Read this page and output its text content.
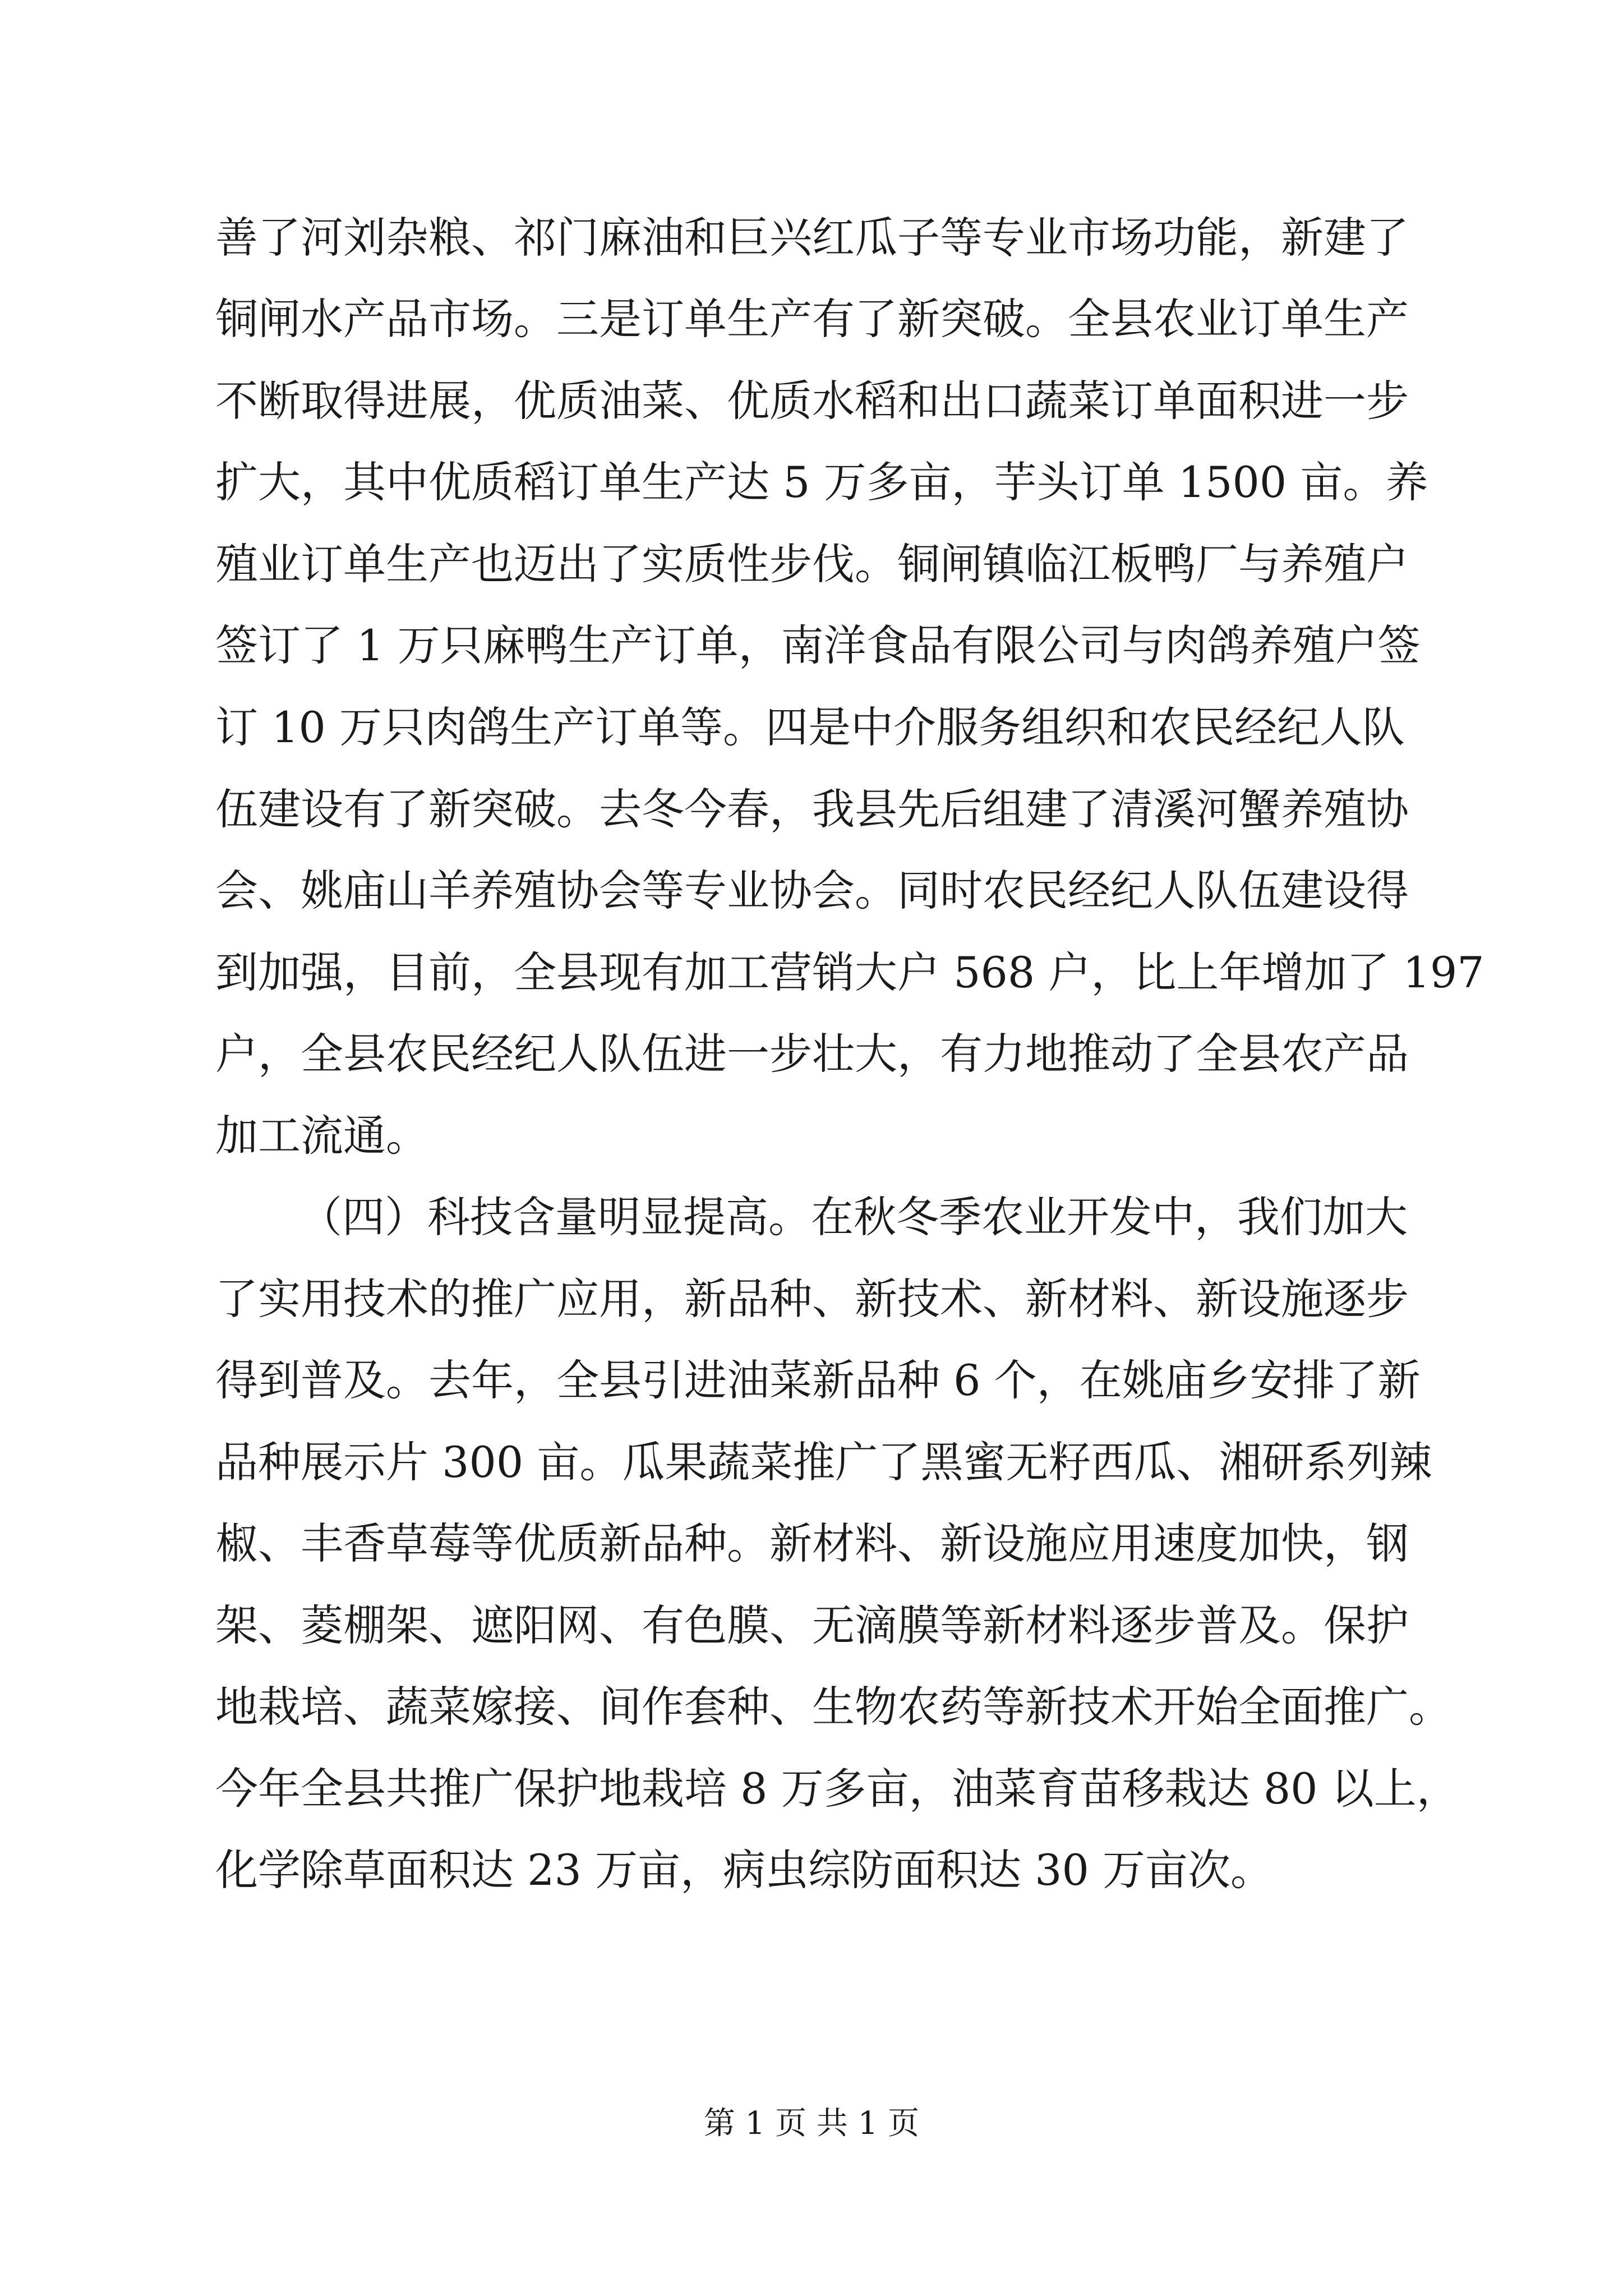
善了河刘杂粮、祁门麻油和巨兴红瓜子等专业市场功能，新建了
铜闸水产品市场。三是订单生产有了新突破。全县农业订单生产
不断取得进展，优质油菜、优质水稻和出口蔬菜订单面积进一步
扩大，其中优质稻订单生产达 5 万多亩，芋头订单 1500 亩。养
殖业订单生产也迈出了实质性步伐。铜闸镇临江板鸭厂与养殖户
签订了 1 万只麻鸭生产订单，南洋食品有限公司与肉鸽养殖户签
订 10 万只肉鸽生产订单等。四是中介服务组织和农民经纪人队
伍建设有了新突破。去冬今春，我县先后组建了清溪河蟹养殖协
会、姚庙山羊养殖协会等专业协会。同时农民经纪人队伍建设得
到加强，目前，全县现有加工营销大户 568 户，比上年增加了 197
户，全县农民经纪人队伍进一步壮大，有力地推动了全县农产品
加工流通。
（四）科技含量明显提高。在秋冬季农业开发中，我们加大
了实用技术的推广应用，新品种、新技术、新材料、新设施逐步
得到普及。去年，全县引进油菜新品种 6 个，在姚庙乡安排了新
品种展示片 300 亩。瓜果蔬菜推广了黑蜜无籽西瓜、湘研系列辣
椒、丰香草莓等优质新品种。新材料、新设施应用速度加快，钢
架、菱棚架、遮阳网、有色膜、无滴膜等新材料逐步普及。保护
地栽培、蔬菜嫁接、间作套种、生物农药等新技术开始全面推广。
今年全县共推广保护地栽培 8 万多亩，油菜育苗移栽达 80 以上，
化学除草面积达 23 万亩，病虫综防面积达 30 万亩次。
第 1 页 共 1 页
